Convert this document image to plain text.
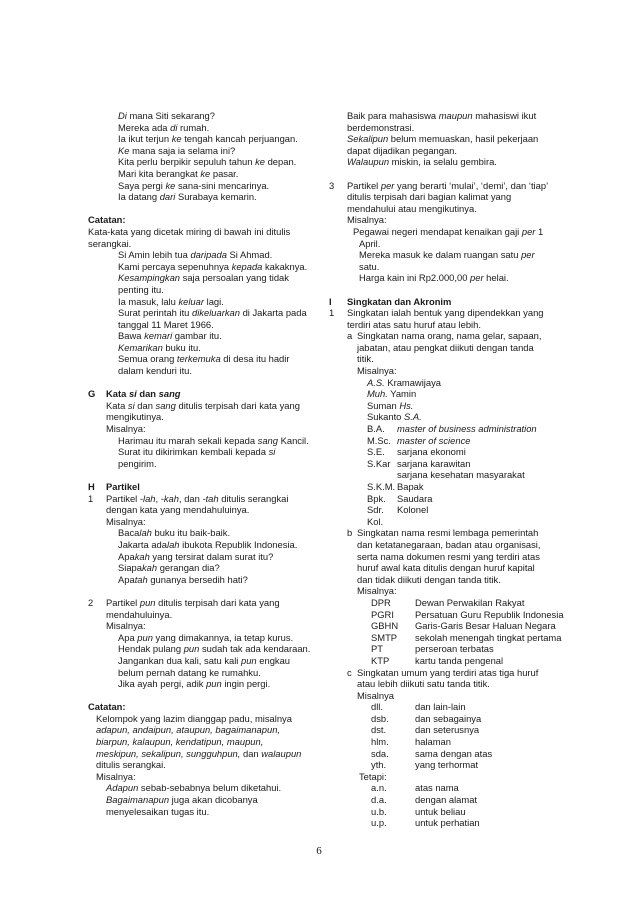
Di mana Siti sekarang?
Mereka ada di rumah.
Ia ikut terjun ke tengah kancah perjuangan.
Ke mana saja ia selama ini?
Kita perlu berpikir sepuluh tahun ke depan.
Mari kita berangkat ke pasar.
Saya pergi ke sana-sini mencarinya.
Ia datang dari Surabaya kemarin.
Catatan:
Kata-kata yang dicetak miring di bawah ini ditulis
serangkai.
Si Amin lebih tua daripada Si Ahmad.
Kami percaya sepenuhnya kepada kakaknya.
Kesampingkan saja persoalan yang tidak
penting itu.
Ia masuk, lalu keluar lagi.
Surat perintah itu dikeluarkan di Jakarta pada
tanggal 11 Maret 1966.
Bawa kemari gambar itu.
Kemarikan buku itu.
Semua orang terkemuka di desa itu hadir
dalam kenduri itu.
G Kata si dan sang
Kata si dan sang ditulis terpisah dari kata yang
mengikutinya.
Misalnya:
Harimau itu marah sekali kepada sang Kancil.
Surat itu dikirimkan kembali kepada si
pengirim.
H Partikel
1 Partikel -lah, -kah, dan -tah ditulis serangkai
dengan kata yang mendahuluinya.
Misalnya:
Bacalah buku itu baik-baik.
Jakarta adalah ibukota Republik Indonesia.
Apakah yang tersirat dalam surat itu?
Siapakah gerangan dia?
Apatah gunanya bersedih hati?
2 Partikel pun ditulis terpisah dari kata yang
mendahuluinya.
Misalnya:
Apa pun yang dimakannya, ia tetap kurus.
Hendak pulang pun sudah tak ada kendaraan.
Jangankan dua kali, satu kali pun engkau
belum pernah datang ke rumahku.
Jika ayah pergi, adik pun ingin pergi.
Catatan:
Kelompok yang lazim dianggap padu, misalnya
adapun, andaipun, ataupun, bagaimanapun,
biarpun, kalaupun, kendatipun, maupun,
meskipun, sekalipun, sungguhpun, dan walaupun
ditulis serangkai.
Misalnya:
Adapun sebab-sebabnya belum diketahui.
Bagaimanapun juga akan dicobanya
menyelesaikan tugas itu.
Baik para mahasiswa maupun mahasiswi ikut
berdemonstrasi.
Sekalipun belum memuaskan, hasil pekerjaan
dapat dijadikan pegangan.
Walaupun miskin, ia selalu gembira.
3 Partikel per yang berarti ‘mulai’, ‘demi’, dan ‘tiap’
ditulis terpisah dari bagian kalimat yang
mendahului atau mengikutinya.
Misalnya:
Pegawai negeri mendapat kenaikan gaji per 1
April.
Mereka masuk ke dalam ruangan satu per
satu.
Harga kain ini Rp2.000,00 per helai.
I Singkatan dan Akronim
1 Singkatan ialah bentuk yang dipendekkan yang
terdiri atas satu huruf atau lebih.
a Singkatan nama orang, nama gelar, sapaan,
jabatan, atau pengkat diikuti dengan tanda
titik.
Misalnya:
A.S. Kramawijaya
Muh. Yamin
Suman Hs.
Sukanto S.A.
B.A. master of business administration
M.Sc. master of science
S.E. sarjana ekonomi
S.Kar sarjana karawitan
sarjana kesehatan masyarakat
S.K.M. Bapak
Bpk. Saudara
Sdr. Kolonel
Kol.
b Singkatan nama resmi lembaga pemerintah
dan ketatanegaraan, badan atau organisasi,
serta nama dokumen resmi yang terdiri atas
huruf awal kata ditulis dengan huruf kapital
dan tidak diikuti dengan tanda titik.
Misalnya:
DPR	Dewan Perwakilan Rakyat
PGRI Persatuan Guru Republik Indonesia
GBHN Garis-Garis Besar Haluan Negara
SMTP sekolah menengah tingkat pertama
PT	perseroan terbatas
KTP	kartu tanda pengenal
c Singkatan umum yang terdiri atas tiga huruf
atau lebih diikuti satu tanda titik.
Misalnya
dll.	dan lain-lain
dsb.	dan sebagainya
dst.	dan seterusnya
hlm.	halaman
sda.	sama dengan atas
yth.	yang terhormat
Tetapi:
a.n.	atas nama
d.a.	dengan alamat
u.b.	untuk beliau
u.p.	untuk perhatian
6
